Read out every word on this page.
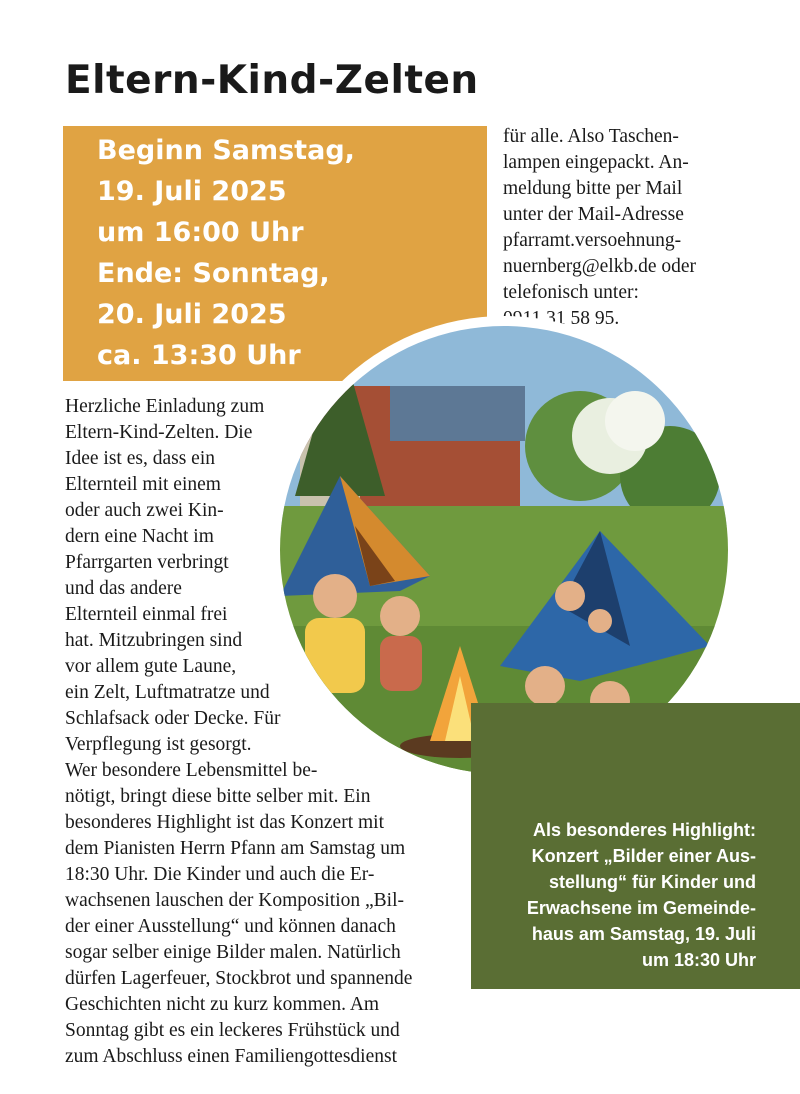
Eltern-Kind-Zelten
Beginn Samstag,
19. Juli 2025
um 16:00 Uhr
Ende: Sonntag,
20. Juli 2025
ca. 13:30 Uhr
für alle. Also Taschen-
lampen eingepackt. An-
meldung bitte per Mail
unter der Mail-Adresse
pfarramt.versoehnung-
nuernberg@elkb.de oder
telefonisch unter:
0911 31 58 95.
Herzliche Einladung zum
Eltern-Kind-Zelten. Die
Idee ist es, dass ein
Elternteil mit einem
oder auch zwei Kin-
dern eine Nacht im
Pfarrgarten verbringt
und das andere
Elternteil einmal frei
hat. Mitzubringen sind
vor allem gute Laune,
ein Zelt, Luftmatratze und
Schlafsack oder Decke. Für
Verpflegung ist gesorgt.
Wer besondere Lebensmittel be-
nötigt, bringt diese bitte selber mit. Ein
besonderes Highlight ist das Konzert mit
dem Pianisten Herrn Pfann am Samstag um
18:30 Uhr. Die Kinder und auch die Er-
wachsenen lauschen der Komposition „Bil-
der einer Ausstellung“ und können danach
sogar selber einige Bilder malen. Natürlich
dürfen Lagerfeuer, Stockbrot und spannende
Geschichten nicht zu kurz kommen. Am
Sonntag gibt es ein leckeres Frühstück und
zum Abschluss einen Familiengottesdienst
Als besonderes Highlight:
Konzert „Bilder einer Aus-
stellung“ für Kinder und
Erwachsene im Gemeinde-
haus am Samstag, 19. Juli
um 18:30 Uhr
